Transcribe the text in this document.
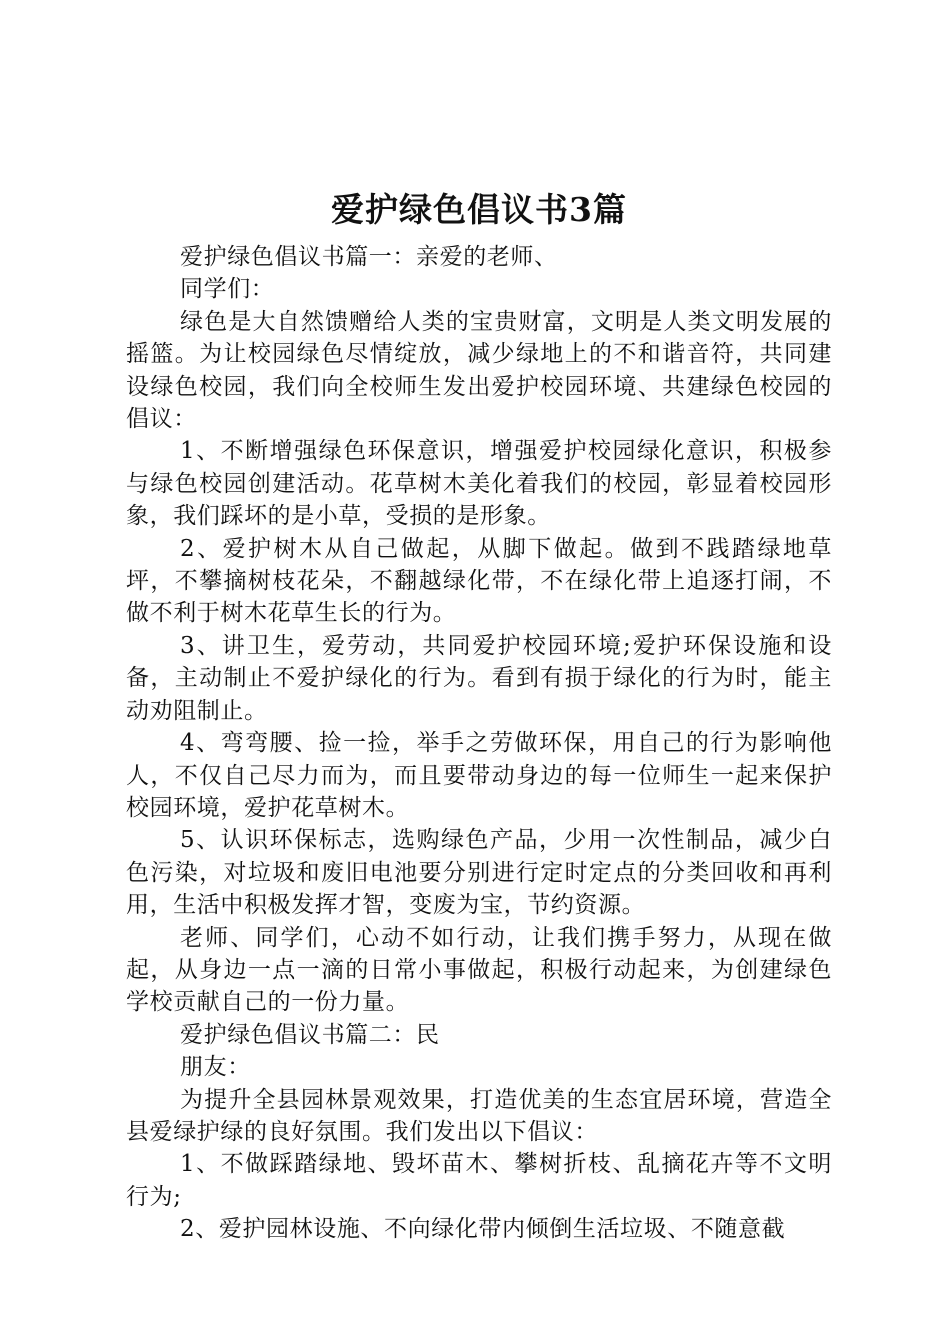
爱护绿色倡议书3篇

爱护绿色倡议书篇一：亲爱的老师、

同学们：

绿色是大自然馈赠给人类的宝贵财富，文明是人类文明发展的摇篮。为让校园绿色尽情绽放，减少绿地上的不和谐音符，共同建设绿色校园，我们向全校师生发出爱护校园环境、共建绿色校园的倡议：

1、不断增强绿色环保意识，增强爱护校园绿化意识，积极参与绿色校园创建活动。花草树木美化着我们的校园，彰显着校园形象，我们踩坏的是小草，受损的是形象。

2、爱护树木从自己做起，从脚下做起。做到不践踏绿地草坪，不攀摘树枝花朵，不翻越绿化带，不在绿化带上追逐打闹，不做不利于树木花草生长的行为。

3、讲卫生，爱劳动，共同爱护校园环境;爱护环保设施和设备，主动制止不爱护绿化的行为。看到有损于绿化的行为时，能主动劝阻制止。

4、弯弯腰、捡一捡，举手之劳做环保，用自己的行为影响他人，不仅自己尽力而为，而且要带动身边的每一位师生一起来保护校园环境，爱护花草树木。

5、认识环保标志，选购绿色产品，少用一次性制品，减少白色污染，对垃圾和废旧电池要分别进行定时定点的分类回收和再利用，生活中积极发挥才智，变废为宝，节约资源。

老师、同学们，心动不如行动，让我们携手努力，从现在做起，从身边一点一滴的日常小事做起，积极行动起来，为创建绿色学校贡献自己的一份力量。

爱护绿色倡议书篇二：民

朋友：

为提升全县园林景观效果，打造优美的生态宜居环境，营造全县爱绿护绿的良好氛围。我们发出以下倡议：

1、不做踩踏绿地、毁坏苗木、攀树折枝、乱摘花卉等不文明行为;

2、爱护园林设施、不向绿化带内倾倒生活垃圾、不随意截
